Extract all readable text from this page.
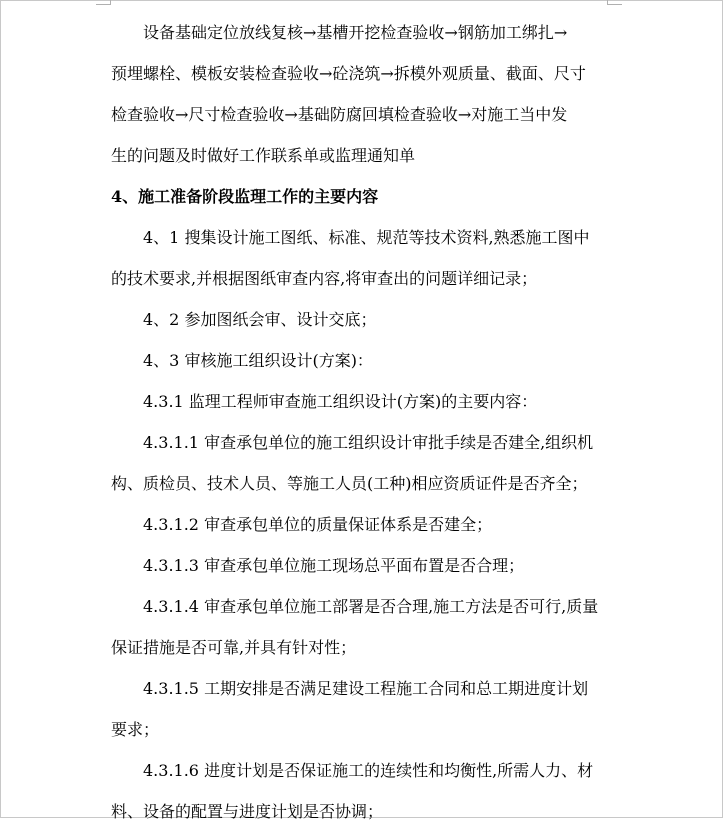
设备基础定位放线复核→基槽开挖检查验收→钢筋加工绑扎→
预埋螺栓、模板安装检查验收→砼浇筑→拆模外观质量、截面、尺寸
检查验收→尺寸检查验收→基础防腐回填检查验收→对施工当中发
生的问题及时做好工作联系单或监理通知单
4、施工准备阶段监理工作的主要内容
4、1 搜集设计施工图纸、标准、规范等技术资料,熟悉施工图中
的技术要求,并根据图纸审查内容,将审查出的问题详细记录；
4、2 参加图纸会审、设计交底；
4、3 审核施工组织设计(方案)：
4.3.1 监理工程师审查施工组织设计(方案)的主要内容：
4.3.1.1 审查承包单位的施工组织设计审批手续是否建全,组织机
构、质检员、技术人员、等施工人员(工种)相应资质证件是否齐全；
4.3.1.2 审查承包单位的质量保证体系是否建全；
4.3.1.3 审查承包单位施工现场总平面布置是否合理；
4.3.1.4 审查承包单位施工部署是否合理,施工方法是否可行,质量
保证措施是否可靠,并具有针对性；
4.3.1.5 工期安排是否满足建设工程施工合同和总工期进度计划
要求；
4.3.1.6 进度计划是否保证施工的连续性和均衡性,所需人力、材
料、设备的配置与进度计划是否协调；
